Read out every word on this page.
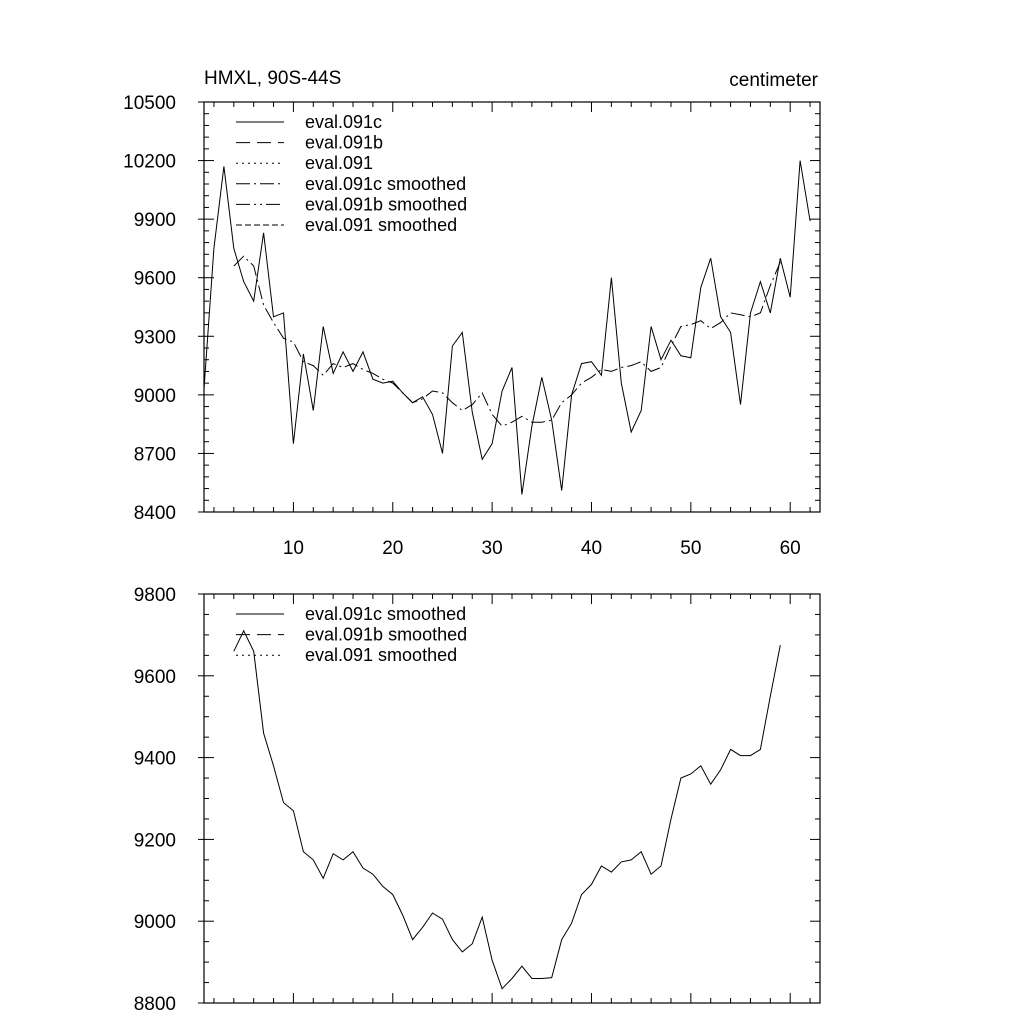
10	20	30	40	50	60
8400
8700
9000
9300
9600
9900
10200
10500
HMXL, 90S-44S	centimeter
eval.091c
eval.091b
eval.091
eval.091c smoothed
eval.091b smoothed
eval.091 smoothed
8800
9000
9200
9400
9600
9800
eval.091c smoothed
eval.091b smoothed
eval.091 smoothed
